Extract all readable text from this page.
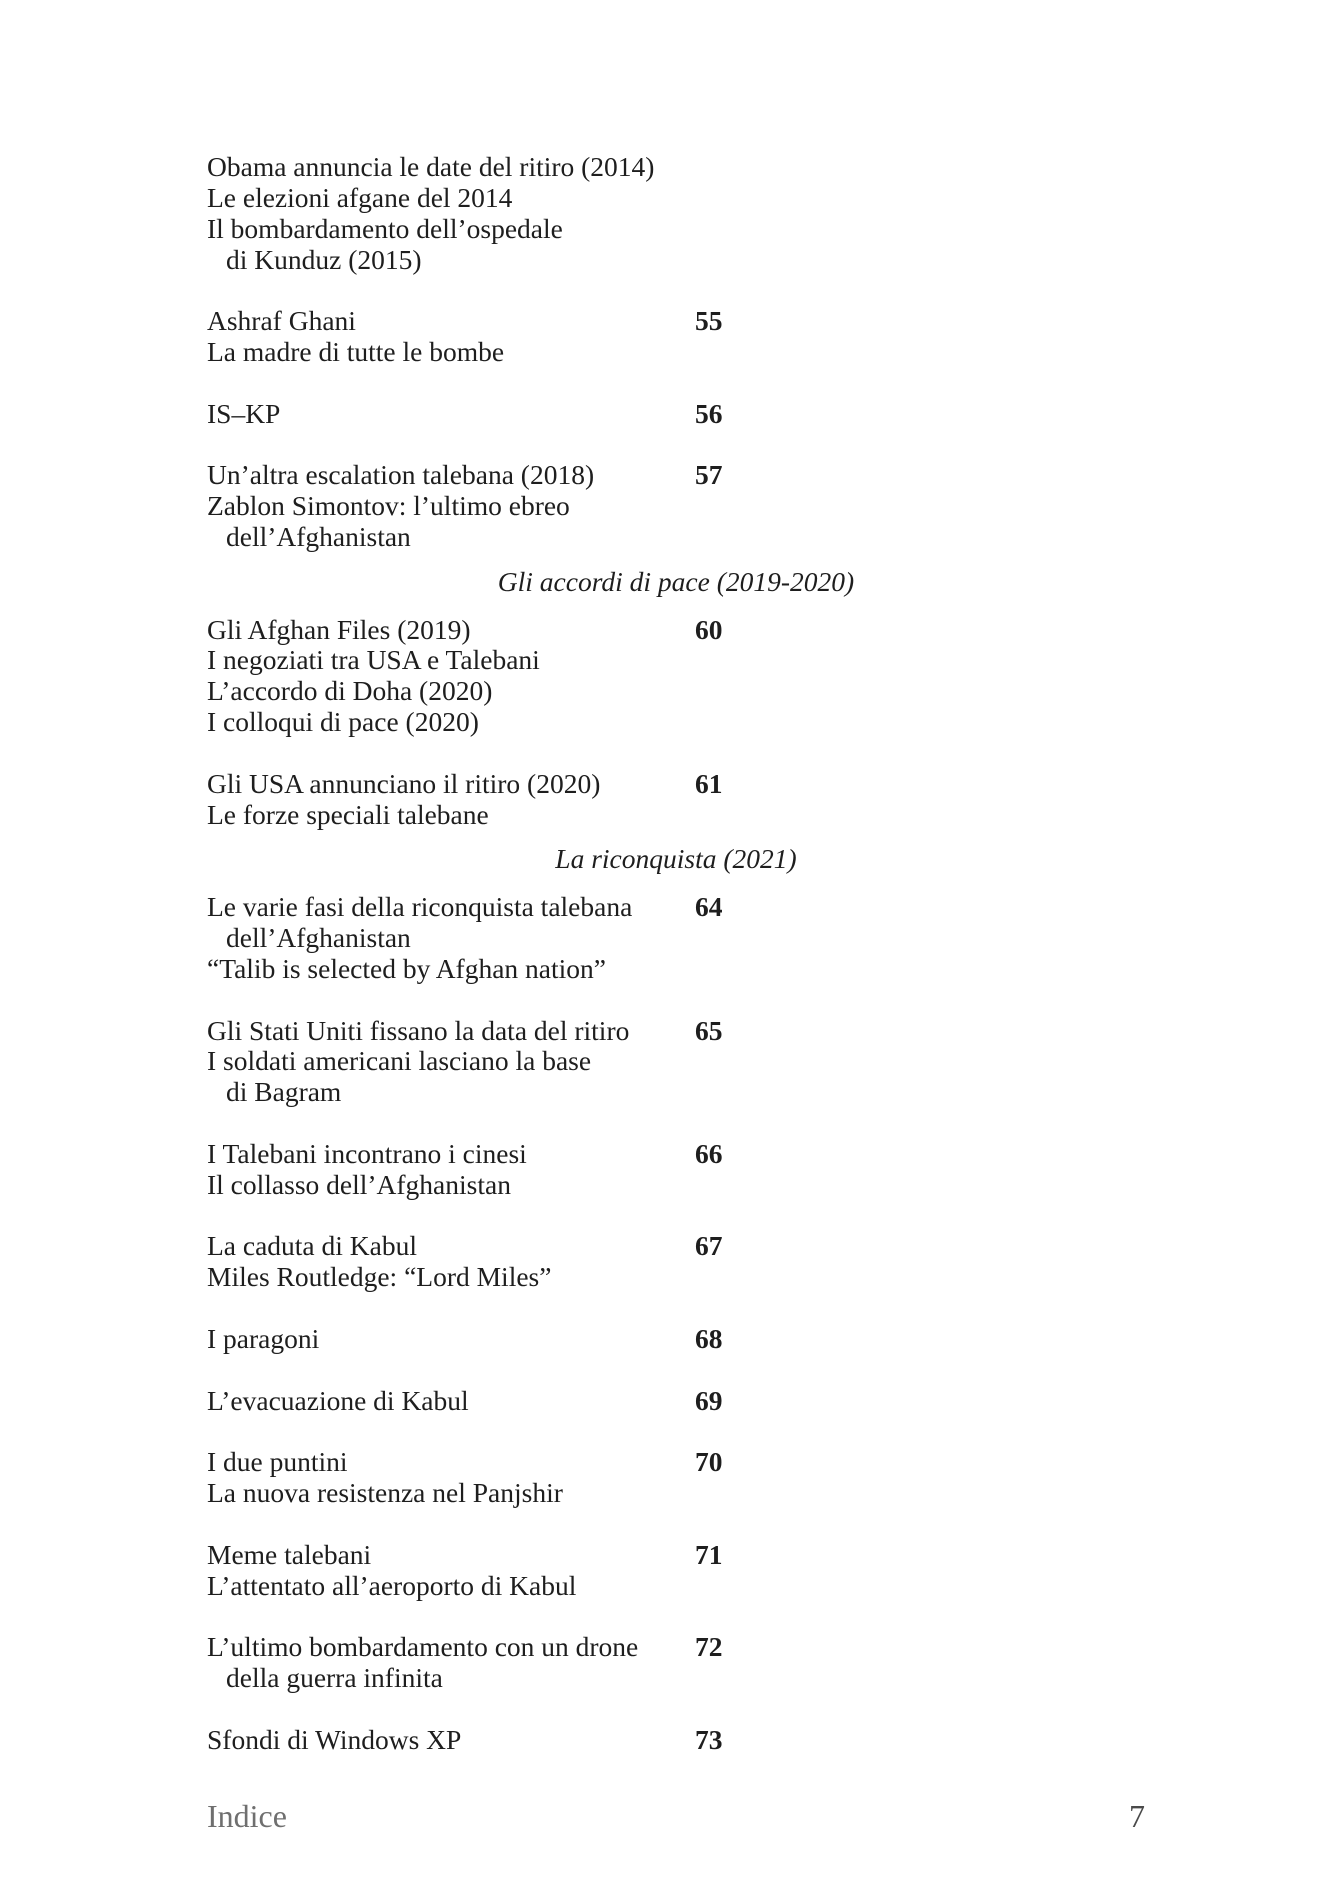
Obama annuncia le date del ritiro (2014)
Le elezioni afgane del 2014
Il bombardamento dell’ospedale
di Kunduz (2015)
55
Ashraf Ghani
La madre di tutte le bombe
56
IS–KP
57
Un’altra escalation talebana (2018)
Zablon Simontov: l’ultimo ebreo
dell’Afghanistan
Gli accordi di pace (2019-2020)
60
Gli Afghan Files (2019)
I negoziati tra USA e Talebani
L’accordo di Doha (2020)
I colloqui di pace (2020)
61
Gli USA annunciano il ritiro (2020)
Le forze speciali talebane
La riconquista (2021)
64
Le varie fasi della riconquista talebana
dell’Afghanistan
“Talib is selected by Afghan nation”
65
Gli Stati Uniti fissano la data del ritiro
I soldati americani lasciano la base
di Bagram
66
I Talebani incontrano i cinesi
Il collasso dell’Afghanistan
67
La caduta di Kabul
Miles Routledge: “Lord Miles”
68
I paragoni
69
L’evacuazione di Kabul
70
I due puntini
La nuova resistenza nel Panjshir
71
Meme talebani
L’attentato all’aeroporto di Kabul
72
L’ultimo bombardamento con un drone
della guerra infinita
73
Sfondi di Windows XP
Indice	7
